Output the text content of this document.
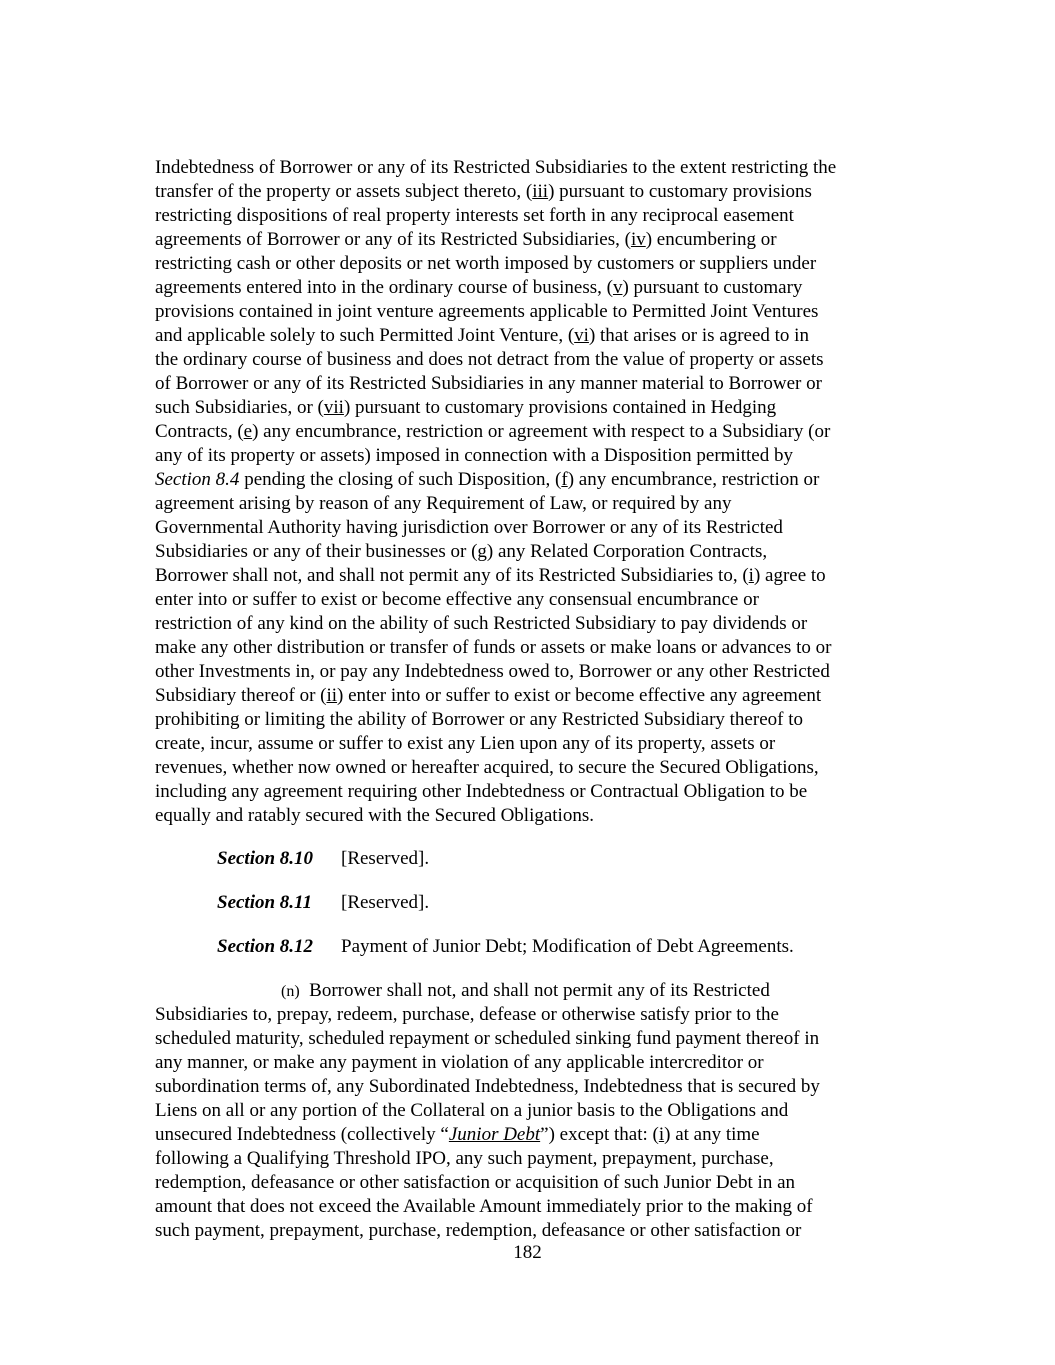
Indebtedness of Borrower or any of its Restricted Subsidiaries to the extent restricting the
transfer of the property or assets subject thereto, (iii) pursuant to customary provisions
restricting dispositions of real property interests set forth in any reciprocal easement
agreements of Borrower or any of its Restricted Subsidiaries, (iv) encumbering or
restricting cash or other deposits or net worth imposed by customers or suppliers under
agreements entered into in the ordinary course of business, (v) pursuant to customary
provisions contained in joint venture agreements applicable to Permitted Joint Ventures
and applicable solely to such Permitted Joint Venture, (vi) that arises or is agreed to in
the ordinary course of business and does not detract from the value of property or assets
of Borrower or any of its Restricted Subsidiaries in any manner material to Borrower or
such Subsidiaries, or (vii) pursuant to customary provisions contained in Hedging
Contracts, (e) any encumbrance, restriction or agreement with respect to a Subsidiary (or
any of its property or assets) imposed in connection with a Disposition permitted by
Section 8.4 pending the closing of such Disposition, (f) any encumbrance, restriction or
agreement arising by reason of any Requirement of Law, or required by any
Governmental Authority having jurisdiction over Borrower or any of its Restricted
Subsidiaries or any of their businesses or (g) any Related Corporation Contracts,
Borrower shall not, and shall not permit any of its Restricted Subsidiaries to, (i) agree to
enter into or suffer to exist or become effective any consensual encumbrance or
restriction of any kind on the ability of such Restricted Subsidiary to pay dividends or
make any other distribution or transfer of funds or assets or make loans or advances to or
other Investments in, or pay any Indebtedness owed to, Borrower or any other Restricted
Subsidiary thereof or (ii) enter into or suffer to exist or become effective any agreement
prohibiting or limiting the ability of Borrower or any Restricted Subsidiary thereof to
create, incur, assume or suffer to exist any Lien upon any of its property, assets or
revenues, whether now owned or hereafter acquired, to secure the Secured Obligations,
including any agreement requiring other Indebtedness or Contractual Obligation to be
equally and ratably secured with the Secured Obligations.
Section 8.10 [Reserved].
Section 8.11 [Reserved].
Section 8.12 Payment of Junior Debt; Modification of Debt Agreements.
(n) Borrower shall not, and shall not permit any of its Restricted
Subsidiaries to, prepay, redeem, purchase, defease or otherwise satisfy prior to the
scheduled maturity, scheduled repayment or scheduled sinking fund payment thereof in
any manner, or make any payment in violation of any applicable intercreditor or
subordination terms of, any Subordinated Indebtedness, Indebtedness that is secured by
Liens on all or any portion of the Collateral on a junior basis to the Obligations and
unsecured Indebtedness (collectively “Junior Debt”) except that: (i) at any time
following a Qualifying Threshold IPO, any such payment, prepayment, purchase,
redemption, defeasance or other satisfaction or acquisition of such Junior Debt in an
amount that does not exceed the Available Amount immediately prior to the making of
such payment, prepayment, purchase, redemption, defeasance or other satisfaction or
182
